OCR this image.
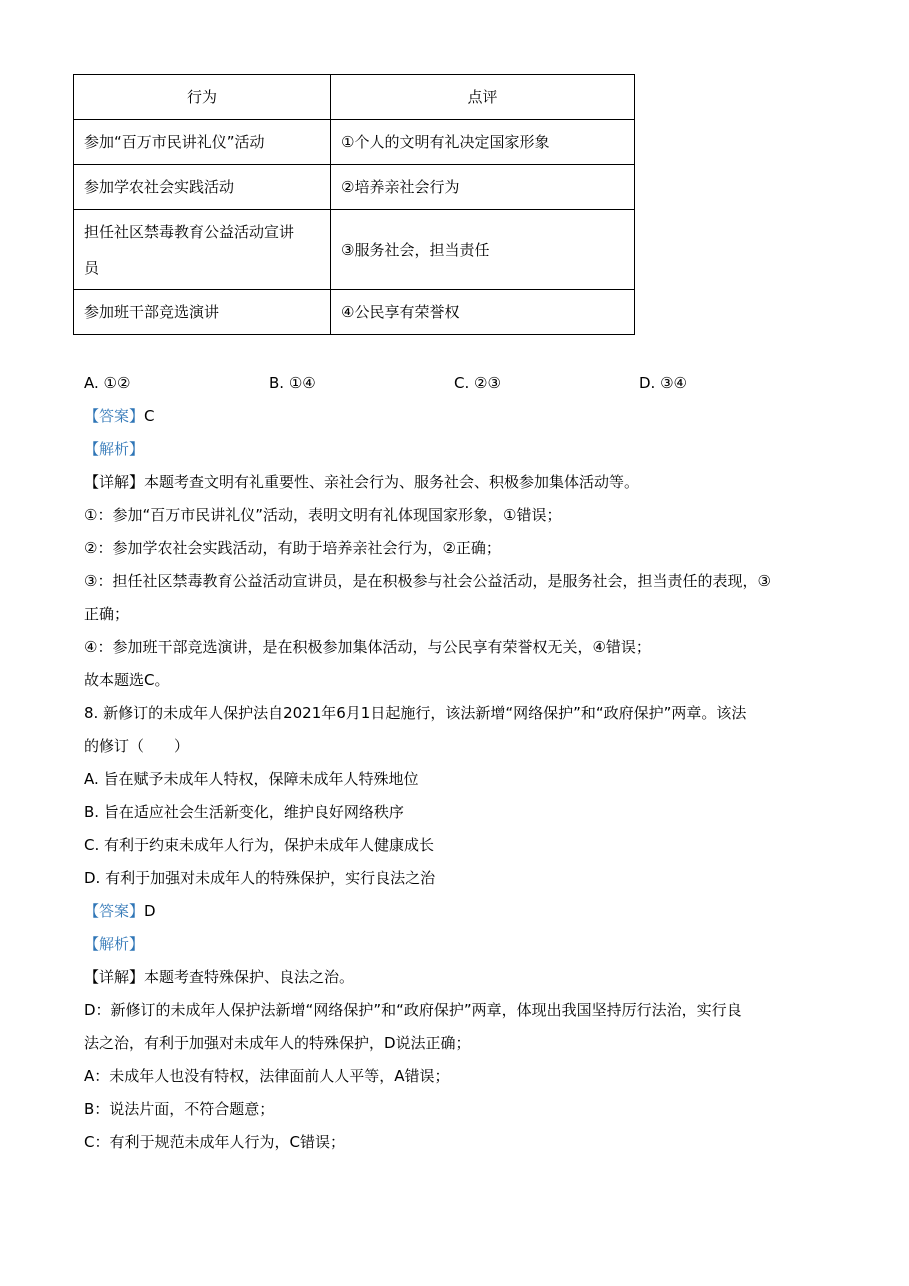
行为	点评
参加“百万市民讲礼仪”活动	①个人的文明有礼决定国家形象
参加学农社会实践活动	②培养亲社会行为

担任社区禁毒教育公益活动宣讲
员	③服务社会，担当责任
参加班干部竞选演讲	④公民享有荣誉权
A. ①②	B. ①④	C. ②③	D. ③④
【答案】C
【解析】
【详解】本题考查文明有礼重要性、亲社会行为、服务社会、积极参加集体活动等。
①：参加“百万市民讲礼仪”活动，表明文明有礼体现国家形象，①错误；
②：参加学农社会实践活动，有助于培养亲社会行为，②正确；
③：担任社区禁毒教育公益活动宣讲员，是在积极参与社会公益活动，是服务社会，担当责任的表现，③
正确；
④：参加班干部竞选演讲，是在积极参加集体活动，与公民享有荣誉权无关，④错误；
故本题选C。
8. 新修订的未成年人保护法自2021年6月1日起施行，该法新增“网络保护”和“政府保护”两章。该法
的修订（　　）
A. 旨在赋予未成年人特权，保障未成年人特殊地位
B. 旨在适应社会生活新变化，维护良好网络秩序
C. 有利于约束未成年人行为，保护未成年人健康成长
D. 有利于加强对未成年人的特殊保护，实行良法之治
【答案】D
【解析】
【详解】本题考查特殊保护、良法之治。
D：新修订的未成年人保护法新增“网络保护”和“政府保护”两章，体现出我国坚持厉行法治，实行良
法之治，有利于加强对未成年人的特殊保护，D说法正确；
A：未成年人也没有特权，法律面前人人平等，A错误；
B：说法片面，不符合题意；
C：有利于规范未成年人行为，C错误；
